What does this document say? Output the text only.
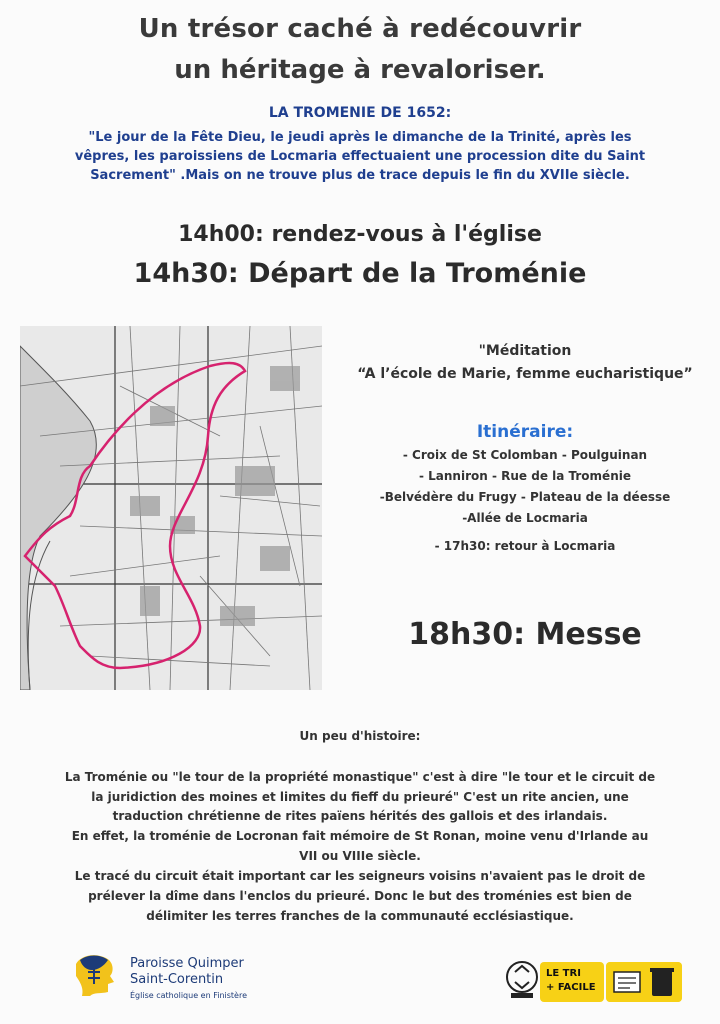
Un trésor caché à redécouvrir
un héritage à revaloriser.
LA TROMENIE DE 1652:
"Le jour de la Fête Dieu, le jeudi après le dimanche de la Trinité, après les
vêpres, les paroissiens de Locmaria effectuaient une procession dite du Saint
Sacrement" .Mais on ne trouve plus de trace depuis le fin du XVIIe siècle.
14h00: rendez-vous à l'église
14h30: Départ de la Troménie
"Méditation
“A l’école de Marie, femme eucharistique”
Itinéraire:
- Croix de St Colomban - Poulguinan
- Lanniron - Rue de la Troménie
-Belvédère du Frugy - Plateau de la déesse
-Allée de Locmaria
- 17h30: retour à Locmaria
18h30: Messe
Un peu d'histoire:
La Troménie ou "le tour de la propriété monastique" c'est à dire "le tour et le circuit de
la juridiction des moines et limites du fieff du prieuré" C'est un rite ancien, une
traduction chrétienne de rites païens hérités des gallois et des irlandais.
En effet, la troménie de Locronan fait mémoire de St Ronan, moine venu d'Irlande au
VII ou VIIIe siècle.
Le tracé du circuit était important car les seigneurs voisins n'avaient pas le droit de
prélever la dîme dans l'enclos du prieuré. Donc le but des troménies est bien de
délimiter les terres franches de la communauté ecclésiastique.
Paroisse Quimper
Saint-Corentin
Église catholique en Finistère
LE TRI
+ FACILE
